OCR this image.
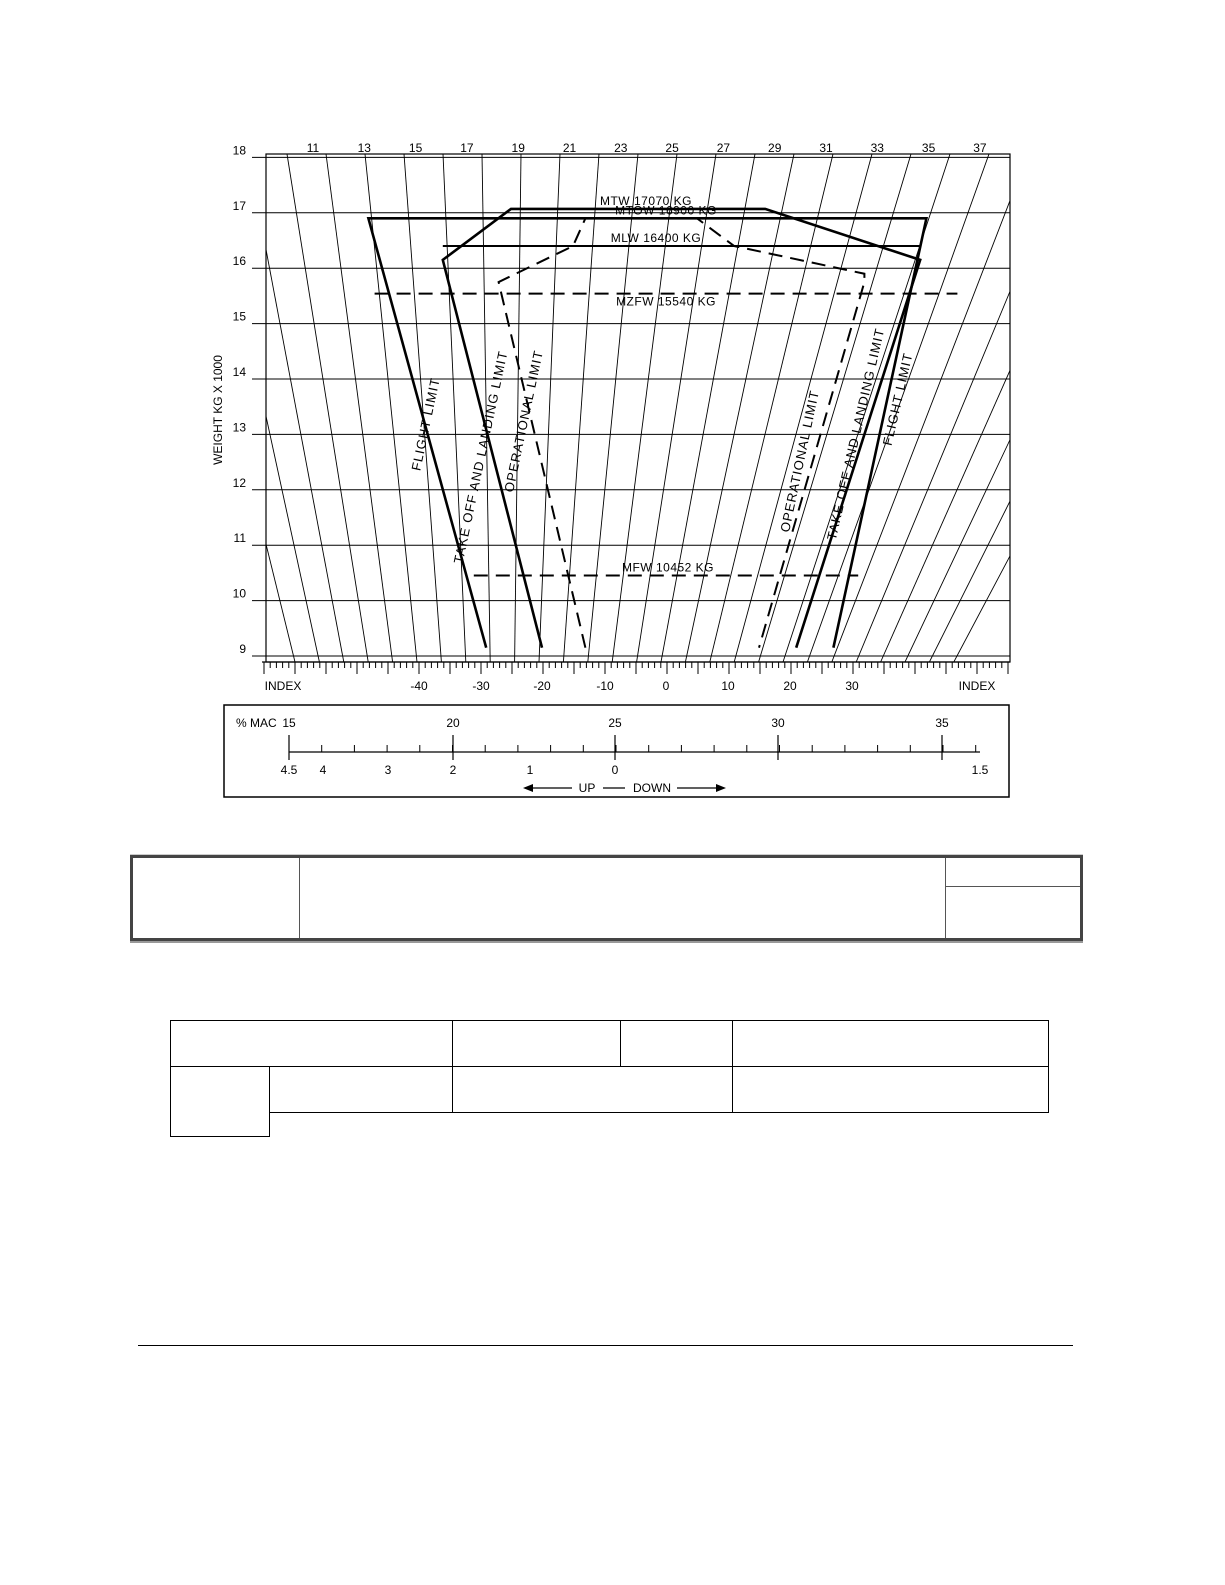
18
17
16
15
14
13
12
11
10
9
11	13	15	17	19	21	23	25	27	29	31	33	35	37
INDEX	-40	-30	-20	-10	0	10	20	30	INDEX
MTW 17070 KG
MTOW 16900 KG
MLW 16400 KG
MZFW 15540 KG
MFW 10452 KG
FLIGHT LIMIT TAKE OFF AND LANDING LIMIT
OPERATIONAL LIMIT	OPERATIONAL LIMIT TAKE OFF AND LANDING LIMIT
FLIGHT LIMIT
WEIGHT KG X 1000
% MAC 15	20	25	30	35
4.5 4	3	2	1	0	1.5
UP	DOWN
